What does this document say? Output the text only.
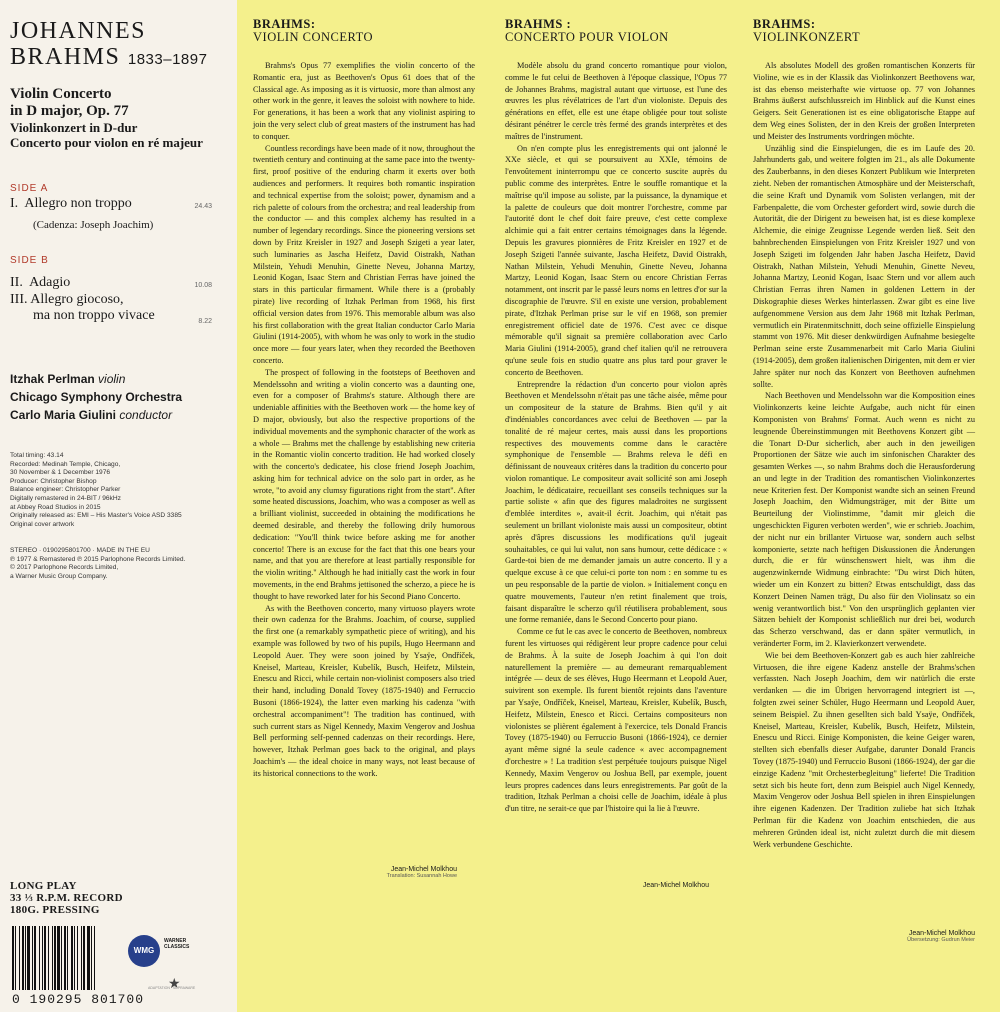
JOHANNES
BRAHMS 1833–1897
Violin Concerto
in D major, Op. 77
Violinkonzert in D-dur
Concerto pour violon en ré majeur
SIDE A
I. Allegro non troppo	24.43
(Cadenza: Joseph Joachim)
SIDE B
II. Adagio	10.08
III. Allegro giocoso,
ma non troppo vivace	8.22
Itzhak Perlman violin
Chicago Symphony Orchestra
Carlo Maria Giulini conductor
Total timing: 43.14
Recorded: Medinah Temple, Chicago,
30 November & 1 December 1976
Producer: Christopher Bishop
Balance engineer: Christopher Parker
Digitally remastered in 24-BIT / 96kHz
at Abbey Road Studios in 2015
Originally released as: EMI – His Master's Voice ASD 3385
Original cover artwork
STEREO · 0190295801700 · MADE IN THE EU
℗ 1977 & Remastered ℗ 2015 Parlophone Records Limited.
© 2017 Parlophone Records Limited,
a Warner Music Group Company.
LONG PLAY
33 ⅓ R.P.M. RECORD
180G. PRESSING
0 190295 801700
WMG
WARNER
CLASSICS
★
ADAPTATION · SUPRAWARE
BRAHMS:
VIOLIN CONCERTO

Brahms's Opus 77 exemplifies the violin concerto of the Romantic era, just as Beethoven's Opus 61 does that of the Classical age. As imposing as it is virtuosic, more than almost any other work in the genre, it leaves the soloist with nowhere to hide. For generations, it has been a work that any violinist aspiring to join the very select club of great masters of the instrument has had to conquer.

Countless recordings have been made of it now, throughout the twentieth century and continuing at the same pace into the twenty-first, proof positive of the enduring charm it exerts over both audiences and performers. It requires both romantic inspiration and technical expertise from the soloist; power, dynamism and a rich palette of colours from the orchestra; and real leadership from the conductor — and this complex alchemy has resulted in a number of legendary recordings. Since the pioneering versions set down by Fritz Kreisler in 1927 and Joseph Szigeti a year later, such luminaries as Jascha Heifetz, David Oistrakh, Nathan Milstein, Yehudi Menuhin, Ginette Neveu, Johanna Martzy, Leonid Kogan, Isaac Stern and Christian Ferras have joined the stars in this particular firmament. While there is a (probably pirate) live recording of Itzhak Perlman from 1968, his first official version dates from 1976. This memorable album was also his first collaboration with the great Italian conductor Carlo Maria Giulini (1914-2005), with whom he was only to work in the studio once more — four years later, when they recorded the Beethoven concerto.

The prospect of following in the footsteps of Beethoven and Mendelssohn and writing a violin concerto was a daunting one, even for a composer of Brahms's stature. Although there are undeniable affinities with the Beethoven work — the home key of D major, obviously, but also the respective proportions of the individual movements and the symphonic character of the work as a whole — Brahms met the challenge by establishing new criteria in the Romantic violin concerto tradition. He had worked closely with the concerto's dedicatee, his close friend Joseph Joachim, asking him for technical advice on the solo part in order, as he wrote, "to avoid any clumsy figurations right from the start". After some heated discussions, Joachim, who was a composer as well as a brilliant violinist, succeeded in obtaining the modifications he deemed desirable, and thereby the following drily humorous dedication: "You'll think twice before asking me for another concerto! There is an excuse for the fact that this one bears your name, and that you are therefore at least partially responsible for the violin writing." Although he had initially cast the work in four movements, in the end Brahms jettisoned the scherzo, a piece he is thought to have reworked later for his Second Piano Concerto.

As with the Beethoven concerto, many virtuoso players wrote their own cadenza for the Brahms. Joachim, of course, supplied the first one (a remarkably sympathetic piece of writing), and his example was followed by two of his pupils, Hugo Heermann and Leopold Auer. They were soon joined by Ysaÿe, Ondříček, Kneisel, Marteau, Kreisler, Kubelík, Busch, Heifetz, Milstein, Enescu and Ricci, while certain non-violinist composers also tried their hand, including Donald Tovey (1875-1940) and Ferruccio Busoni (1866-1924), the latter even marking his cadenza "with orchestral accompaniment"! The tradition has continued, with such current stars as Nigel Kennedy, Maxim Vengerov and Joshua Bell performing self-penned cadenzas on their recordings. Here, however, Itzhak Perlman goes back to the original, and plays Joachim's — the ideal choice in many ways, not least because of its historical connections to the work.

Jean-Michel Molkhou
Translation: Susannah Howe
BRAHMS :
CONCERTO POUR VIOLON

Modèle absolu du grand concerto romantique pour violon, comme le fut celui de Beethoven à l'époque classique, l'Opus 77 de Johannes Brahms, magistral autant que virtuose, est l'une des œuvres les plus révélatrices de l'art d'un violoniste. Depuis des générations en effet, elle est une étape obligée pour tout soliste désirant pénétrer le cercle très fermé des grands interprètes et des maîtres de l'instrument.

On n'en compte plus les enregistrements qui ont jalonné le XXe siècle, et qui se poursuivent au XXIe, témoins de l'envoûtement ininterrompu que ce concerto suscite auprès du public comme des interprètes. Entre le souffle romantique et la maîtrise qu'il impose au soliste, par la puissance, la dynamique et la palette de couleurs que doit montrer l'orchestre, comme par l'autorité dont le chef doit faire preuve, c'est cette complexe alchimie qui a fait entrer certains témoignages dans la légende. Depuis les gravures pionnières de Fritz Kreisler en 1927 et de Joseph Szigeti l'année suivante, Jascha Heifetz, David Oistrakh, Nathan Milstein, Yehudi Menuhin, Ginette Neveu, Johanna Martzy, Leonid Kogan, Isaac Stern ou encore Christian Ferras notamment, ont inscrit par le passé leurs noms en lettres d'or sur la discographie de l'œuvre. S'il en existe une version, probablement pirate, d'Itzhak Perlman prise sur le vif en 1968, son premier enregistrement officiel date de 1976. C'est avec ce disque mémorable qu'il signait sa première collaboration avec Carlo Maria Giulini (1914-2005), grand chef italien qu'il ne retrouvera qu'une seule fois en studio quatre ans plus tard pour graver le concerto de Beethoven.

Entreprendre la rédaction d'un concerto pour violon après Beethoven et Mendelssohn n'était pas une tâche aisée, même pour un compositeur de la stature de Brahms. Bien qu'il y ait d'indéniables concordances avec celui de Beethoven — par la tonalité de ré majeur certes, mais aussi dans les proportions respectives des mouvements comme dans le caractère symphonique de l'ensemble — Brahms releva le défi en définissant de nouveaux critères dans la tradition du concerto pour violon romantique. Le compositeur avait sollicité son ami Joseph Joachim, le dédicataire, recueillant ses conseils techniques sur la partie soliste « afin que des figures maladroites ne surgissent d'emblée interdites », avait-il écrit. Joachim, qui n'était pas seulement un brillant violoniste mais aussi un compositeur, obtint après d'âpres discussions les modifications qu'il jugeait souhaitables, ce qui lui valut, non sans humour, cette dédicace : « Garde-toi bien de me demander jamais un autre concerto. Il y a quelque excuse à ce que celui-ci porte ton nom : en somme tu es un peu responsable de la partie de violon. » Initialement conçu en quatre mouvements, l'auteur n'en retint finalement que trois, faisant disparaître le scherzo qu'il réutilisera probablement, sous une forme remaniée, dans le Second Concerto pour piano.

Comme ce fut le cas avec le concerto de Beethoven, nombreux furent les virtuoses qui rédigèrent leur propre cadence pour celui de Brahms. À la suite de Joseph Joachim à qui l'on doit naturellement la première — au demeurant remarquablement intégrée — deux de ses élèves, Hugo Heermann et Leopold Auer, suivirent son exemple. Ils furent bientôt rejoints dans l'aventure par Ysaÿe, Ondříček, Kneisel, Marteau, Kreisler, Kubelík, Busch, Heifetz, Milstein, Enesco et Ricci. Certains compositeurs non violonistes se plièrent également à l'exercice, tels Donald Francis Tovey (1875-1940) ou Ferruccio Busoni (1866-1924), ce dernier ayant même signé la seule cadence « avec accompagnement d'orchestre » ! La tradition s'est perpétuée toujours puisque Nigel Kennedy, Maxim Vengerov ou Joshua Bell, par exemple, jouent leurs propres cadences dans leurs enregistrements. Par goût de la tradition, Itzhak Perlman a choisi celle de Joachim, idéale à plus d'un titre, ne serait-ce que par l'histoire qui la lie à l'œuvre.

Jean-Michel Molkhou
BRAHMS:
VIOLINKONZERT

Als absolutes Modell des großen romantischen Konzerts für Violine, wie es in der Klassik das Violinkonzert Beethovens war, ist das ebenso meisterhafte wie virtuose op. 77 von Johannes Brahms äußerst aufschlussreich im Hinblick auf die Kunst eines Geigers. Seit Generationen ist es eine obligatorische Etappe auf dem Weg eines Solisten, der in den Kreis der großen Interpreten und Meister des Instruments vordringen möchte.

Unzählig sind die Einspielungen, die es im Laufe des 20. Jahrhunderts gab, und weitere folgten im 21., als alle Dokumente des Zauberbanns, in den dieses Konzert Publikum wie Interpreten zieht. Neben der romantischen Atmosphäre und der Meisterschaft, die seine Kraft und Dynamik vom Solisten verlangen, mit der Farbenpalette, die vom Orchester gefordert wird, sowie durch die Autorität, die der Dirigent zu beweisen hat, ist es diese komplexe Alchemie, die einige Zeugnisse Legende werden ließ. Seit den bahnbrechenden Einspielungen von Fritz Kreisler 1927 und von Joseph Szigeti im folgenden Jahr haben Jascha Heifetz, David Oistrakh, Nathan Milstein, Yehudi Menuhin, Ginette Neveu, Johanna Martzy, Leonid Kogan, Isaac Stern und vor allem auch Christian Ferras ihren Namen in goldenen Lettern in der Diskographie dieses Werkes hinterlassen. Zwar gibt es eine live aufgenommene Version aus dem Jahr 1968 mit Itzhak Perlman, vermutlich ein Piratenmitschnitt, doch seine offizielle Einspielung stammt von 1976. Mit dieser denkwürdigen Aufnahme besiegelte Perlman seine erste Zusammenarbeit mit Carlo Maria Giulini (1914-2005), dem großen italienischen Dirigenten, mit dem er vier Jahre später nur noch das Konzert von Beethoven aufnehmen sollte.

Nach Beethoven und Mendelssohn war die Komposition eines Violinkonzerts keine leichte Aufgabe, auch nicht für einen Komponisten von Brahms' Format. Auch wenn es nicht zu leugnende Übereinstimmungen mit Beethovens Konzert gibt — die Tonart D-Dur sicherlich, aber auch in den jeweiligen Proportionen der Sätze wie auch im sinfonischen Charakter des gesamten Werkes —, so nahm Brahms doch die Herausforderung an und legte in der Tradition des romantischen Violinkonzertes neue Kriterien fest. Der Komponist wandte sich an seinen Freund Joseph Joachim, den Widmungsträger, mit der Bitte um Beurteilung der Violinstimme, "damit mir gleich die ungeschickten Figuren verboten werden", wie er schrieb. Joachim, der nicht nur ein brillanter Virtuose war, sondern auch selbst komponierte, setzte nach heftigen Diskussionen die Änderungen durch, die er für wünschenswert hielt, was ihm die augenzwinkernde Widmung einbrachte: "Du wirst Dich hüten, wieder um ein Konzert zu bitten? Etwas entschuldigt, dass das Konzert Deinen Namen trägt, Du also für den Violinsatz so ein wenig verantwortlich bist." Von den ursprünglich geplanten vier Sätzen behielt der Komponist schließlich nur drei bei, wodurch das Scherzo verschwand, das er dann später vermutlich, in veränderter Form, im 2. Klavierkonzert verwendete.

Wie bei dem Beethoven-Konzert gab es auch hier zahlreiche Virtuosen, die ihre eigene Kadenz anstelle der Brahms'schen verfassten. Nach Joseph Joachim, dem wir natürlich die erste verdanken — die im Übrigen hervorragend integriert ist —, folgten zwei seiner Schüler, Hugo Heermann und Leopold Auer, seinem Beispiel. Zu ihnen gesellten sich bald Ysaÿe, Ondříček, Kneisel, Marteau, Kreisler, Kubelík, Busch, Heifetz, Milstein, Enescu und Ricci. Einige Komponisten, die keine Geiger waren, stellten sich ebenfalls dieser Aufgabe, darunter Donald Francis Tovey (1875-1940) und Ferruccio Busoni (1866-1924), der gar die einzige Kadenz "mit Orchesterbegleitung" lieferte! Die Tradition setzt sich bis heute fort, denn zum Beispiel auch Nigel Kennedy, Maxim Vengerov oder Joshua Bell spielen in ihren Einspielungen ihre eigenen Kadenzen. Der Tradition zuliebe hat sich Itzhak Perlman für die Kadenz von Joachim entschieden, die aus mehreren Gründen ideal ist, nicht zuletzt durch die mit diesem Werk verbundene Geschichte.

Jean-Michel Molkhou
Übersetzung: Gudrun Meier
